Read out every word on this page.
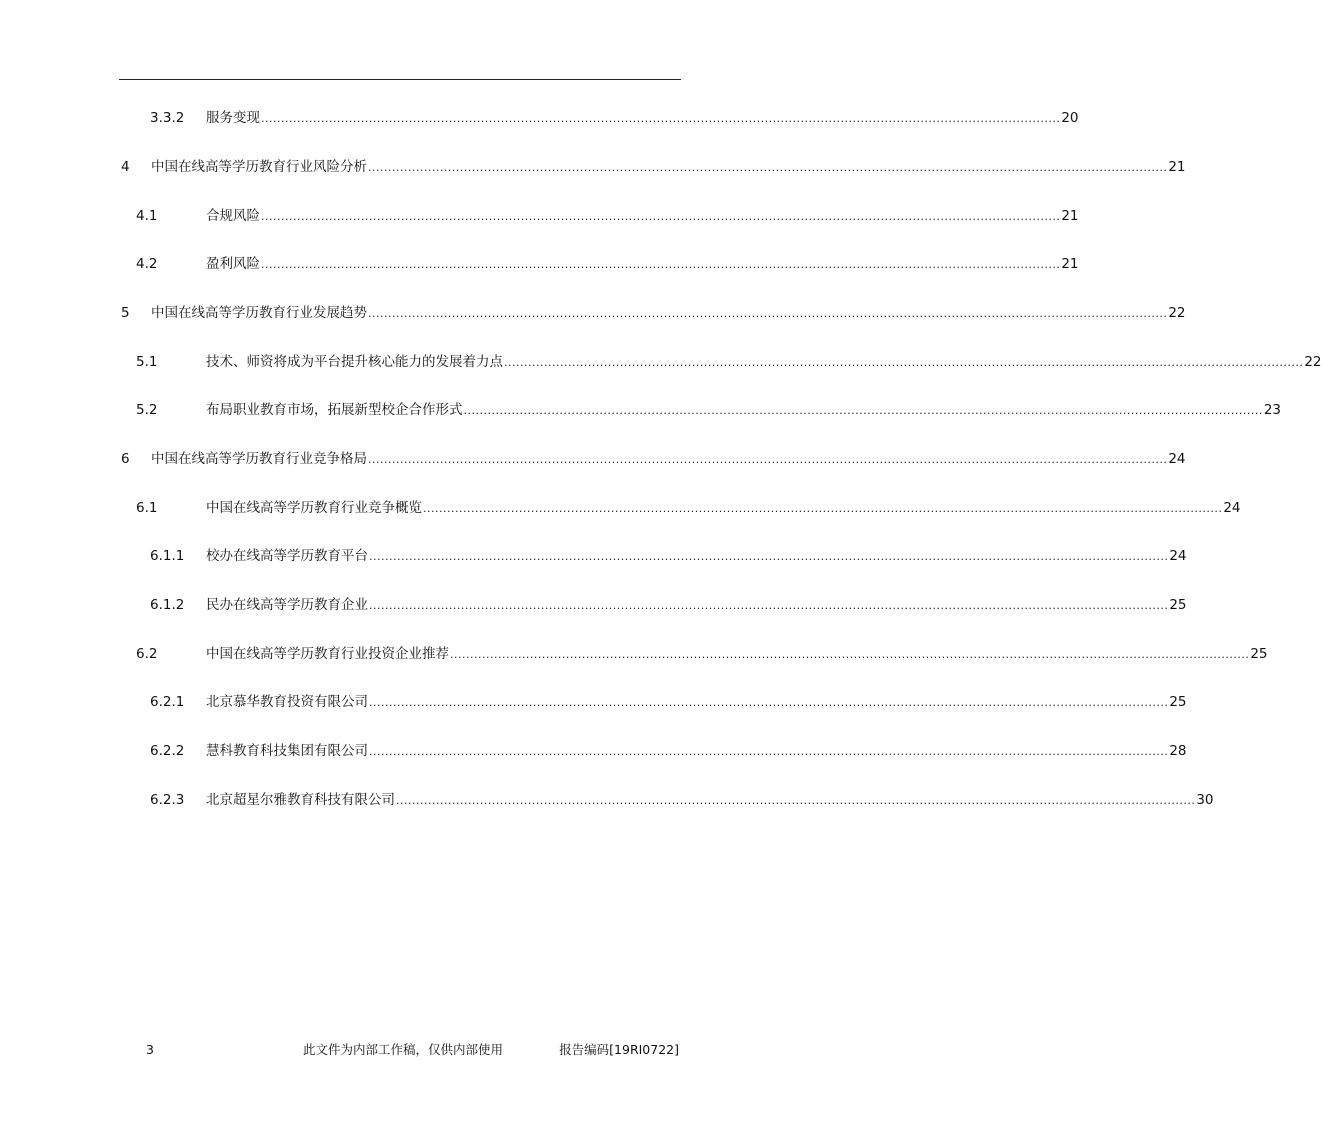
3.3.2 服务变现 ........................................................................................................................................................................................................ 20
4 中国在线高等学历教育行业风险分析 ........................................................................................................................................................................................................ 21
4.1	合规风险 ........................................................................................................................................................................................................ 21
4.2	盈利风险 ........................................................................................................................................................................................................ 21
5 中国在线高等学历教育行业发展趋势 ........................................................................................................................................................................................................ 22
5.1	技术、师资将成为平台提升核心能力的发展着力点 ........................................................................................................................................................................................................ 22
5.2	布局职业教育市场，拓展新型校企合作形式 ........................................................................................................................................................................................................ 23
6 中国在线高等学历教育行业竞争格局 ........................................................................................................................................................................................................ 24
6.1	中国在线高等学历教育行业竞争概览 ........................................................................................................................................................................................................ 24
6.1.1 校办在线高等学历教育平台 ........................................................................................................................................................................................................ 24
6.1.2 民办在线高等学历教育企业 ........................................................................................................................................................................................................ 25
6.2	中国在线高等学历教育行业投资企业推荐 ........................................................................................................................................................................................................ 25
6.2.1 北京慕华教育投资有限公司 ........................................................................................................................................................................................................ 25
6.2.2 慧科教育科技集团有限公司 ........................................................................................................................................................................................................ 28
6.2.3 北京超星尔雅教育科技有限公司 ........................................................................................................................................................................................................ 30
3	此文件为内部工作稿，仅供内部使用	报告编码[19RI0722]
